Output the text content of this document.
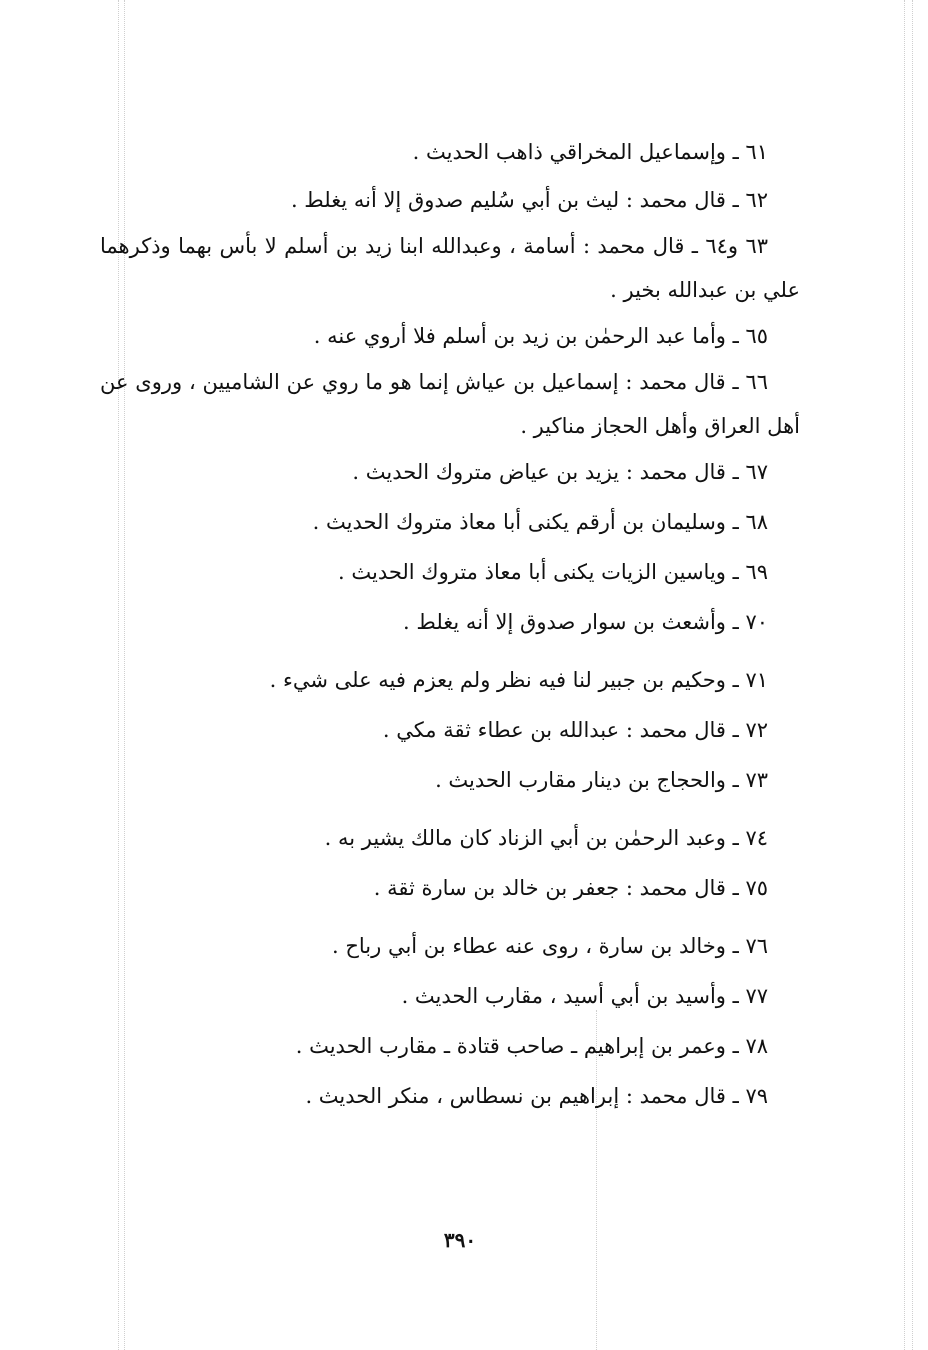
٦١ ـ وإسماعيل المخراقي ذاهب الحديث .
٦٢ ـ قال محمد : ليث بن أبي سُليم صدوق إلا أنه يغلط .
٦٣ و٦٤ ـ قال محمد : أسامة ، وعبدالله ابنا زيد بن أسلم لا بأس بهما وذكرهما
علي بن عبدالله بخير .
٦٥ ـ وأما عبد الرحمٰن بن زيد بن أسلم فلا أروي عنه .
٦٦ ـ قال محمد : إسماعيل بن عياش إنما هو ما روي عن الشاميين ، وروى عن
أهل العراق وأهل الحجاز مناكير .
٦٧ ـ قال محمد : يزيد بن عياض متروك الحديث .
٦٨ ـ وسليمان بن أرقم يكنى أبا معاذ متروك الحديث .
٦٩ ـ وياسين الزيات يكنى أبا معاذ متروك الحديث .
٧٠ ـ وأشعث بن سوار صدوق إلا أنه يغلط .
٧١ ـ وحكيم بن جبير لنا فيه نظر ولم يعزم فيه على شيء .
٧٢ ـ قال محمد : عبدالله بن عطاء ثقة مكي .
٧٣ ـ والحجاج بن دينار مقارب الحديث .
٧٤ ـ وعبد الرحمٰن بن أبي الزناد كان مالك يشير به .
٧٥ ـ قال محمد : جعفر بن خالد بن سارة ثقة .
٧٦ ـ وخالد بن سارة ، روى عنه عطاء بن أبي رباح .
٧٧ ـ وأسيد بن أبي أسيد ، مقارب الحديث .
٧٨ ـ وعمر بن إبراهيم ـ صاحب قتادة ـ مقارب الحديث .
٧٩ ـ قال محمد : إبراهيم بن نسطاس ، منكر الحديث .
٣٩٠
